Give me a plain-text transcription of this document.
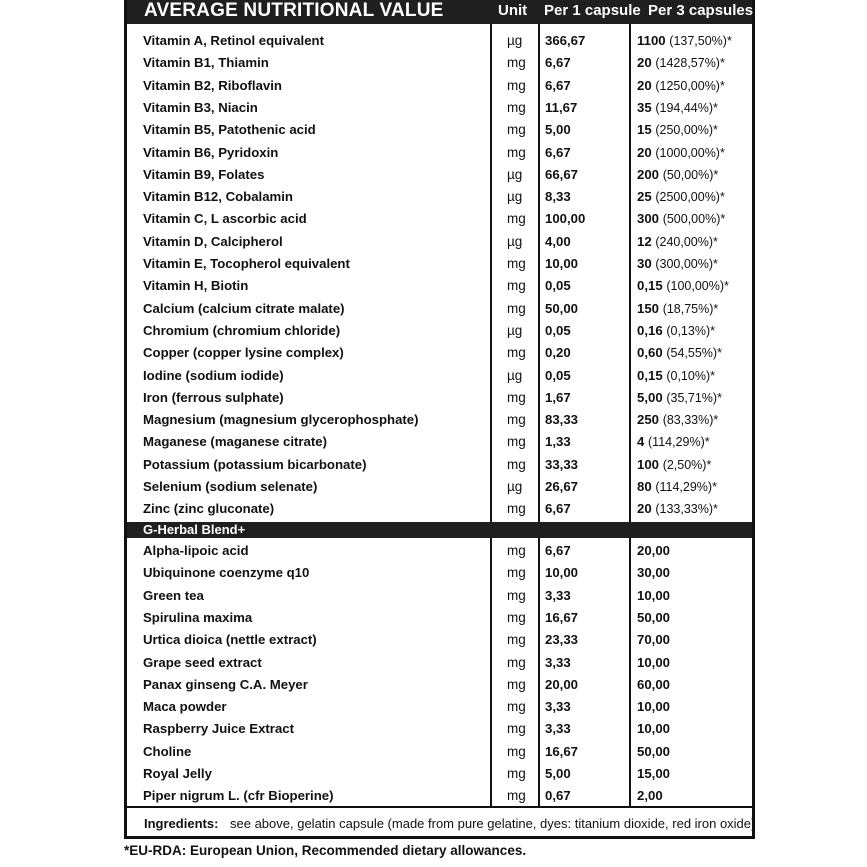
AVERAGE NUTRITIONAL VALUE	Unit Per 1 capsule Per 3 capsules
Vitamin A, Retinol equivalent	µg 366,67	1100 (137,50%)*
Vitamin B1, Thiamin	mg 6,67	20 (1428,57%)*
Vitamin B2, Riboflavin	mg 6,67	20 (1250,00%)*
Vitamin B3, Niacin	mg 11,67	35 (194,44%)*
Vitamin B5, Patothenic acid	mg 5,00	15 (250,00%)*
Vitamin B6, Pyridoxin	mg 6,67	20 (1000,00%)*
Vitamin B9, Folates	µg 66,67	200 (50,00%)*
Vitamin B12, Cobalamin	µg 8,33	25 (2500,00%)*
Vitamin C, L ascorbic acid	mg 100,00	300 (500,00%)*
Vitamin D, Calcipherol	µg 4,00	12 (240,00%)*
Vitamin E, Tocopherol equivalent	mg 10,00	30 (300,00%)*
Vitamin H, Biotin	mg 0,05	0,15 (100,00%)*
Calcium (calcium citrate malate)	mg 50,00	150 (18,75%)*
Chromium (chromium chloride)	µg 0,05	0,16 (0,13%)*
Copper (copper lysine complex)	mg 0,20	0,60 (54,55%)*
Iodine (sodium iodide)	µg 0,05	0,15 (0,10%)*
Iron (ferrous sulphate)	mg 1,67	5,00 (35,71%)*
Magnesium (magnesium glycerophosphate)	mg 83,33	250 (83,33%)*
Maganese (maganese citrate)	mg 1,33	4 (114,29%)*
Potassium (potassium bicarbonate)	mg 33,33	100 (2,50%)*
Selenium (sodium selenate)	µg 26,67	80 (114,29%)*
Zinc (zinc gluconate)	mg 6,67	20 (133,33%)*
G-Herbal Blend+
Alpha-lipoic acid	mg 6,67	20,00
Ubiquinone coenzyme q10	mg 10,00	30,00
Green tea	mg 3,33	10,00
Spirulina maxima	mg 16,67	50,00
Urtica dioica (nettle extract)	mg 23,33	70,00
Grape seed extract	mg 3,33	10,00
Panax ginseng C.A. Meyer	mg 20,00	60,00
Maca powder	mg 3,33	10,00
Raspberry Juice Extract	mg 3,33	10,00
Choline	mg 16,67	50,00
Royal Jelly	mg 5,00	15,00
Piper nigrum L. (cfr Bioperine)	mg 0,67	2,00
Ingredients: see above, gelatin capsule (made from pure gelatine, dyes: titanium dioxide, red iron oxide)
*EU-RDA: European Union, Recommended dietary allowances.
